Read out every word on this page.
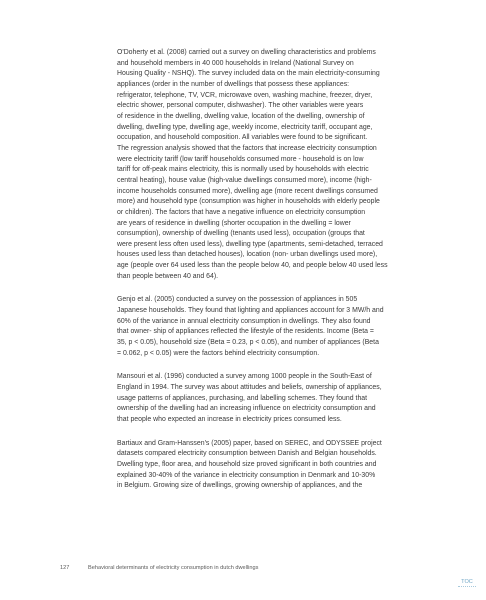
O'Doherty et al. (2008) carried out a survey on dwelling characteristics and problems
and household members in 40 000 households in Ireland (National Survey on
Housing Quality - NSHQ). The survey included data on the main electricity-consuming
appliances (order in the number of dwellings that possess these appliances:
refrigerator, telephone, TV, VCR, microwave oven, washing machine, freezer, dryer,
electric shower, personal computer, dishwasher). The other variables were years
of residence in the dwelling, dwelling value, location of the dwelling, ownership of
dwelling, dwelling type, dwelling age, weekly income, electricity tariff, occupant age,
occupation, and household composition. All variables were found to be significant.
The regression analysis showed that the factors that increase electricity consumption
were electricity tariff (low tariff households consumed more - household is on low
tariff for off-peak mains electricity, this is normally used by households with electric
central heating), house value (high-value dwellings consumed more), income (high-
income households consumed more), dwelling age (more recent dwellings consumed
more) and household type (consumption was higher in households with elderly people
or children). The factors that have a negative influence on electricity consumption
are years of residence in dwelling (shorter occupation in the dwelling = lower
consumption), ownership of dwelling (tenants used less), occupation (groups that
were present less often used less), dwelling type (apartments, semi-detached, terraced
houses used less than detached houses), location (non- urban dwellings used more),
age (people over 64 used less than the people below 40, and people below 40 used less
than people between 40 and 64).

Genjo et al. (2005) conducted a survey on the possession of appliances in 505
Japanese households. They found that lighting and appliances account for 3 MW/h and
60% of the variance in annual electricity consumption in dwellings. They also found
that owner- ship of appliances reflected the lifestyle of the residents. Income (Beta =
35, p < 0.05), household size (Beta = 0.23, p < 0.05), and number of appliances (Beta
= 0.062, p < 0.05) were the factors behind electricity consumption.

Mansouri et al. (1996) conducted a survey among 1000 people in the South-East of
England in 1994. The survey was about attitudes and beliefs, ownership of appliances,
usage patterns of appliances, purchasing, and labelling schemes. They found that
ownership of the dwelling had an increasing influence on electricity consumption and
that people who expected an increase in electricity prices consumed less.

Bartiaux and Gram-Hanssen's (2005) paper, based on SEREC, and ODYSSEE project
datasets compared electricity consumption between Danish and Belgian households.
Dwelling type, floor area, and household size proved significant in both countries and
explained 30-40% of the variance in electricity consumption in Denmark and 10-30%
in Belgium. Growing size of dwellings, growing ownership of appliances, and the

127	Behavioral determinants of electricity consumption in dutch dwellings
TOC
